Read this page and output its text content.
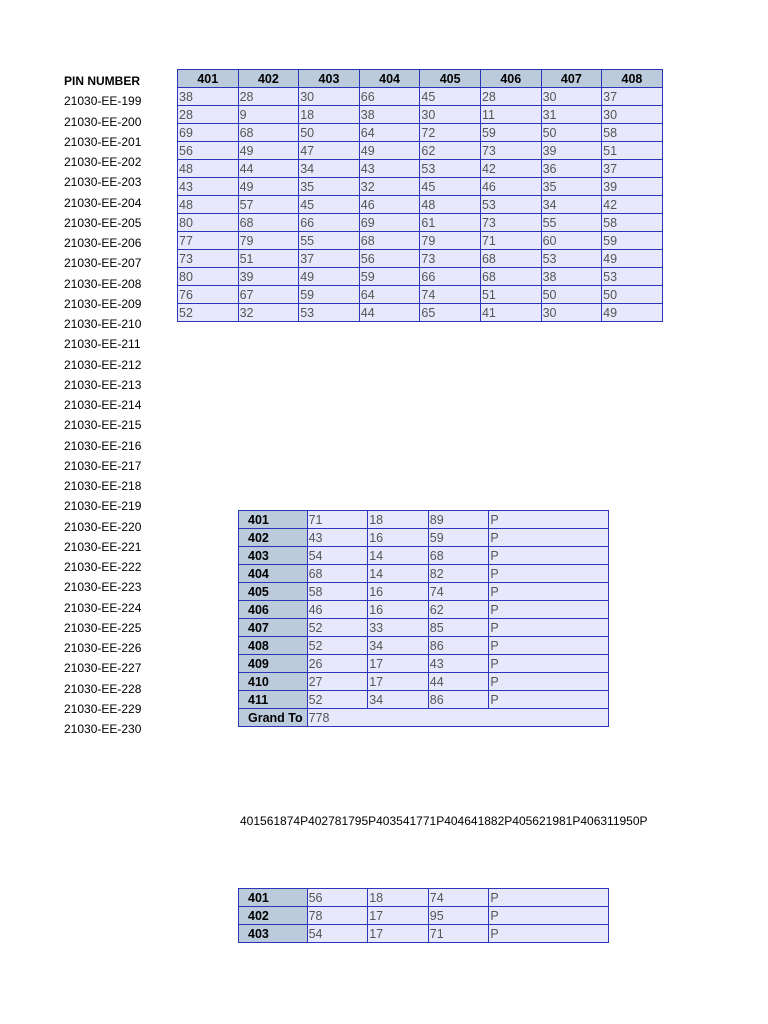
PIN NUMBER
21030-EE-199
21030-EE-200
21030-EE-201
21030-EE-202
21030-EE-203
21030-EE-204
21030-EE-205
21030-EE-206
21030-EE-207
21030-EE-208
21030-EE-209
21030-EE-210
21030-EE-211
21030-EE-212
21030-EE-213
21030-EE-214
21030-EE-215
21030-EE-216
21030-EE-217
21030-EE-218
21030-EE-219
21030-EE-220
21030-EE-221
21030-EE-222
21030-EE-223
21030-EE-224
21030-EE-225
21030-EE-226
21030-EE-227
21030-EE-228
21030-EE-229
21030-EE-230
401	402	403	404	405	406	407	408
38	28	30	66	45	28	30	37
28	9	18	38	30	11	31	30
69	68	50	64	72	59	50	58
56	49	47	49	62	73	39	51
48	44	34	43	53	42	36	37
43	49	35	32	45	46	35	39
48	57	45	46	48	53	34	42
80	68	66	69	61	73	55	58
77	79	55	68	79	71	60	59
73	51	37	56	73	68	53	49
80	39	49	59	66	68	38	53
76	67	59	64	74	51	50	50
52	32	53	44	65	41	30	49
401	71	18	89	P
402	43	16	59	P
403	54	14	68	P
404	68	14	82	P
405	58	16	74	P
406	46	16	62	P
407	52	33	85	P
408	52	34	86	P
409	26	17	43	P
410	27	17	44	P
411	52	34	86	P
Grand To	778			
401561874P402781795P403541771P404641882P405621981P406311950P
401	56	18	74	P
402	78	17	95	P
403	54	17	71	P
